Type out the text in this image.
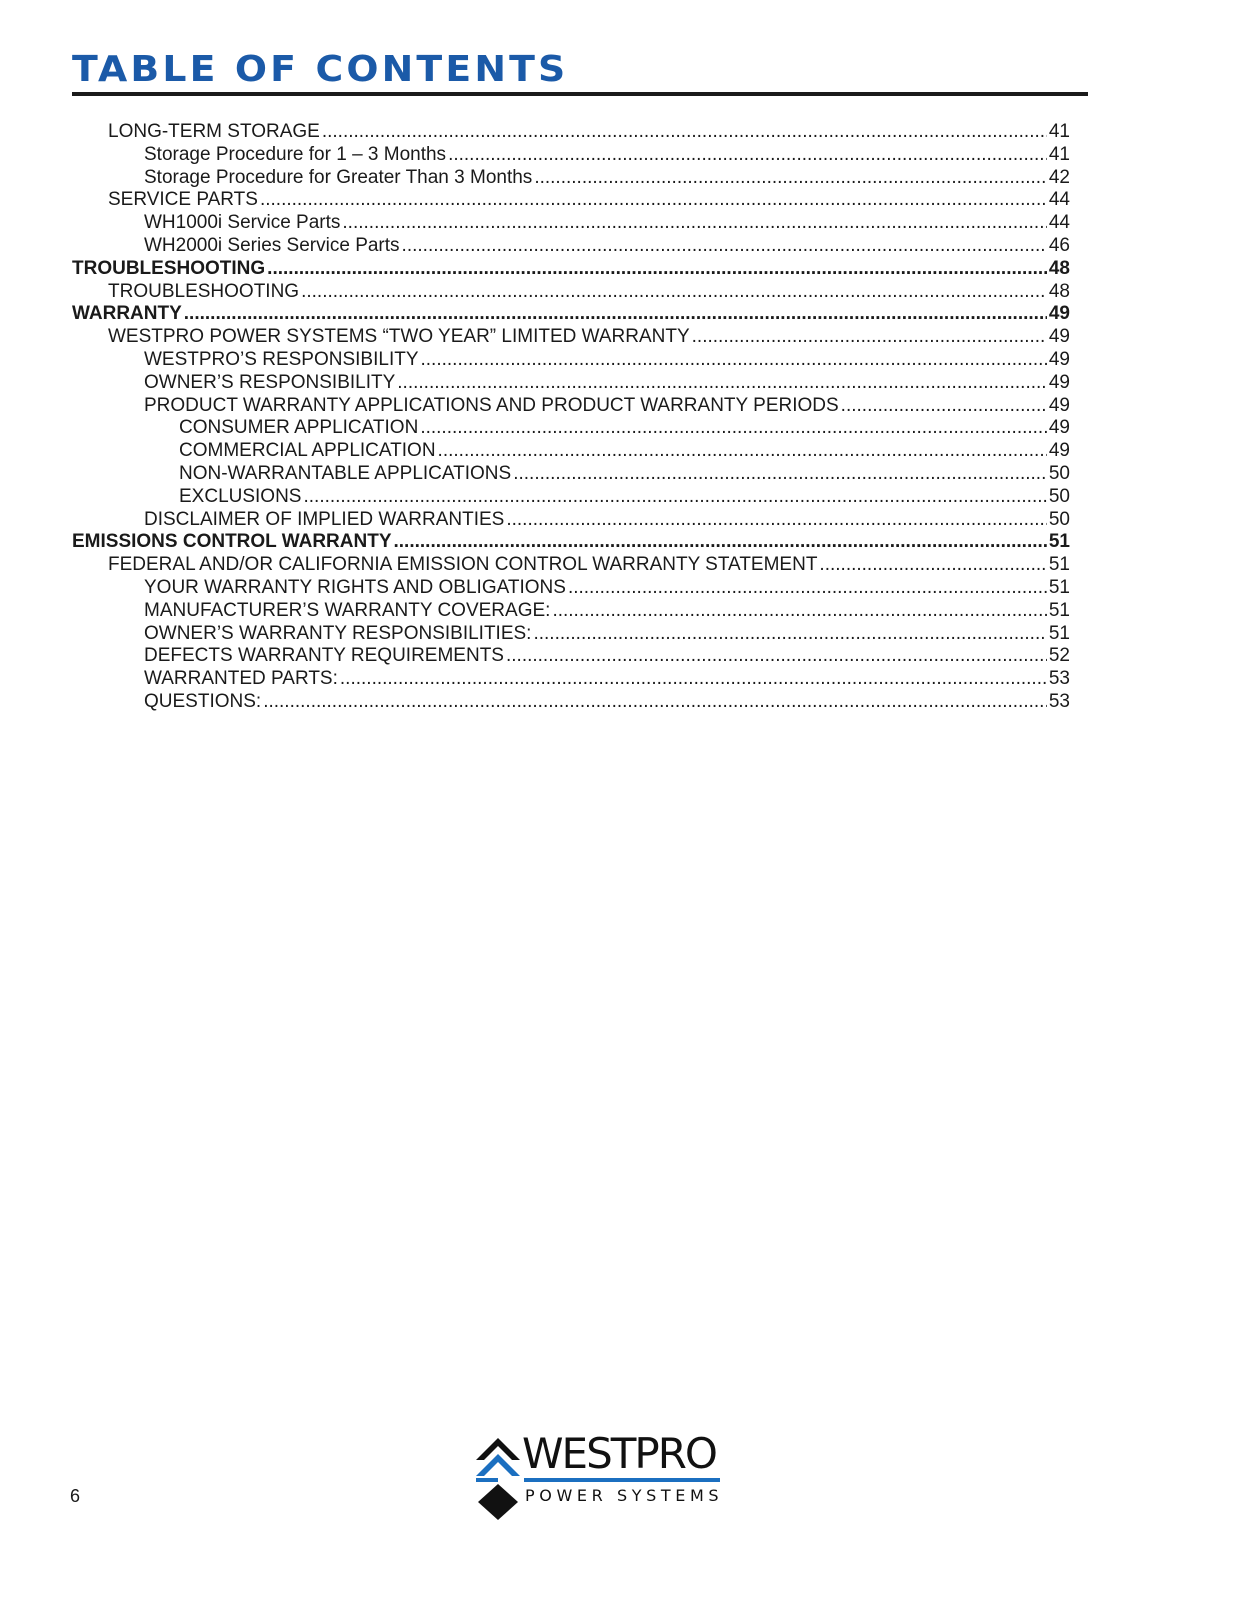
TABLE OF CONTENTS
LONG-TERM STORAGE .....	41
Storage Procedure for 1 – 3 Months .....	41
Storage Procedure for Greater Than 3 Months .....	42
SERVICE PARTS .....	44
WH1000i Service Parts .....	44
WH2000i Series Service Parts .....	46
TROUBLESHOOTING .....	48
TROUBLESHOOTING .....	48
WARRANTY .....	49
WESTPRO POWER SYSTEMS “TWO YEAR” LIMITED WARRANTY .....	49
WESTPRO’S RESPONSIBILITY .....	49
OWNER’S RESPONSIBILITY .....	49
PRODUCT WARRANTY APPLICATIONS AND PRODUCT WARRANTY PERIODS .....	49
CONSUMER APPLICATION .....	49
COMMERCIAL APPLICATION .....	49
NON-WARRANTABLE APPLICATIONS .....	50
EXCLUSIONS .....	50
DISCLAIMER OF IMPLIED WARRANTIES .....	50
EMISSIONS CONTROL WARRANTY .....	51
FEDERAL AND/OR CALIFORNIA EMISSION CONTROL WARRANTY STATEMENT .....	51
YOUR WARRANTY RIGHTS AND OBLIGATIONS .....	51
MANUFACTURER’S WARRANTY COVERAGE: .....	51
OWNER’S WARRANTY RESPONSIBILITIES: .....	51
DEFECTS WARRANTY REQUIREMENTS .....	52
WARRANTED PARTS: .....	53
QUESTIONS: .....	53
6
WESTPRO
POWER SYSTEMS
